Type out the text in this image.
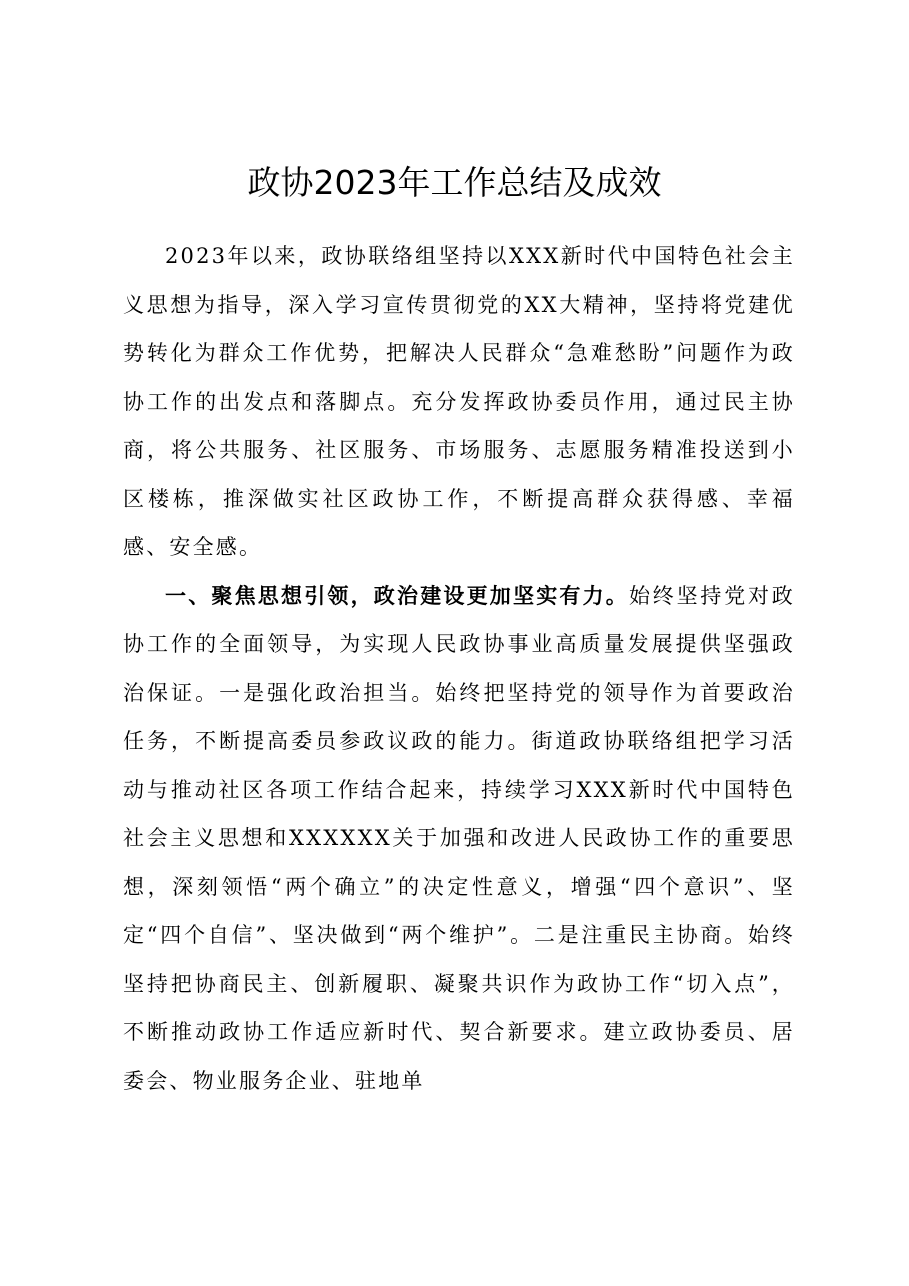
政协2023年工作总结及成效

2023年以来，政协联络组坚持以XXX新时代中国特色社会主义思想为指导，深入学习宣传贯彻党的XX大精神，坚持将党建优势转化为群众工作优势，把解决人民群众“急难愁盼”问题作为政协工作的出发点和落脚点。充分发挥政协委员作用，通过民主协商，将公共服务、社区服务、市场服务、志愿服务精准投送到小区楼栋，推深做实社区政协工作，不断提高群众获得感、幸福感、安全感。

一、聚焦思想引领，政治建设更加坚实有力。始终坚持党对政协工作的全面领导，为实现人民政协事业高质量发展提供坚强政治保证。一是强化政治担当。始终把坚持党的领导作为首要政治任务，不断提高委员参政议政的能力。街道政协联络组把学习活动与推动社区各项工作结合起来，持续学习XXX新时代中国特色社会主义思想和XXXXXX关于加强和改进人民政协工作的重要思想，深刻领悟“两个确立”的决定性意义，增强“四个意识”、坚定“四个自信”、坚决做到“两个维护”。二是注重民主协商。始终坚持把协商民主、创新履职、凝聚共识作为政协工作“切入点”，不断推动政协工作适应新时代、契合新要求。建立政协委员、居委会、物业服务企业、驻地单
